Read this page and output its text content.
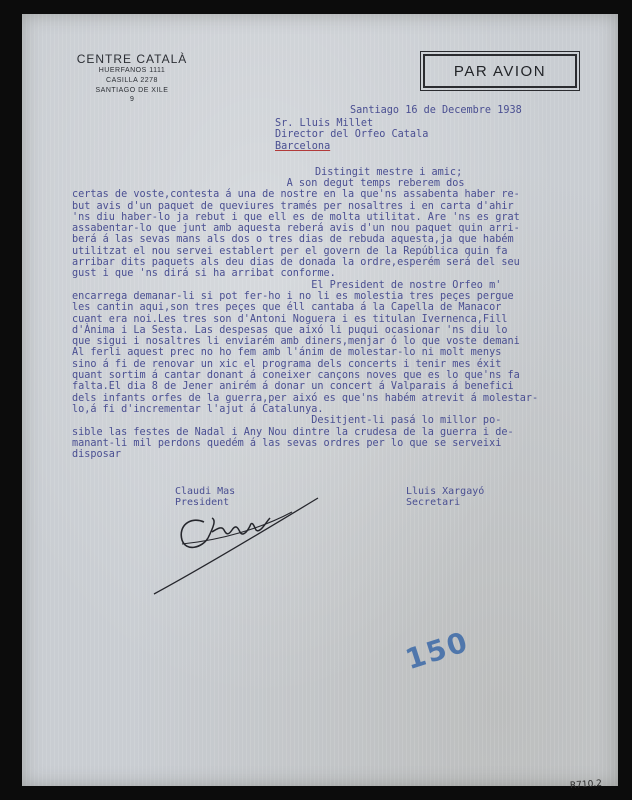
CENTRE CATALÀ
HUERFANOS 1111
CASILLA 2278
SANTIAGO DE XILE
9
PAR AVION
Santiago 16 de Decembre 1938
Sr. Lluis Millet
Director del Orfeo Catala
Barcelona
Distingit mestre i amic;
A son degut temps reberem dos
certas de voste,contesta á una de nostre en la que'ns assabenta haber re-
but avis d'un paquet de queviures tramés per nosaltres i en carta d'ahir
'ns diu haber-lo ja rebut i que ell es de molta utilitat. Are 'ns es grat
assabentar-lo que junt amb aquesta reberá avis d'un nou paquet quin arri-
berá á las sevas mans als dos o tres dias de rebuda aquesta,ja que habém
utilitzat el nou servei establert per el govern de la República quin fa
arribar dits paquets als deu dias de donada la ordre,esperém será del seu
gust i que 'ns dirá si ha arribat conforme.
El President de nostre Orfeo m'
encarrega demanar-li si pot fer-ho i no li es molestia tres peçes pergue
les cantin aqui,son tres peçes que éll cantaba á la Capella de Manacor
cuant era noi.Les tres son d'Antoni Noguera i es titulan Ivernenca,Fill
d'Ànima i La Sesta. Las despesas que aixó li puqui ocasionar 'ns diu lo
que sigui i nosaltres li enviarém amb diners,menjar ó lo que voste demani
Al ferli aquest prec no ho fem amb l'ánim de molestar-lo ni molt menys
sino á fi de renovar un xic el programa dels concerts i tenir mes éxit
quant sortim á cantar donant á coneixer cançons noves que es lo que'ns fa
falta.El dia 8 de Jener anirém á donar un concert á Valparais á benefici
dels infants orfes de la guerra,per aixó es que'ns habém atrevit á molestar-
lo,á fi d'incrementar l'ajut á Catalunya.
Desitjent-li pasá lo millor po-
sible las festes de Nadal i Any Nou dintre la crudesa de la guerra i de-
manant-li mil perdons quedém á las sevas ordres per lo que se serveixi
disposar
Claudi Mas
President
Lluis Xargayó
Secretari
150
R710.2
